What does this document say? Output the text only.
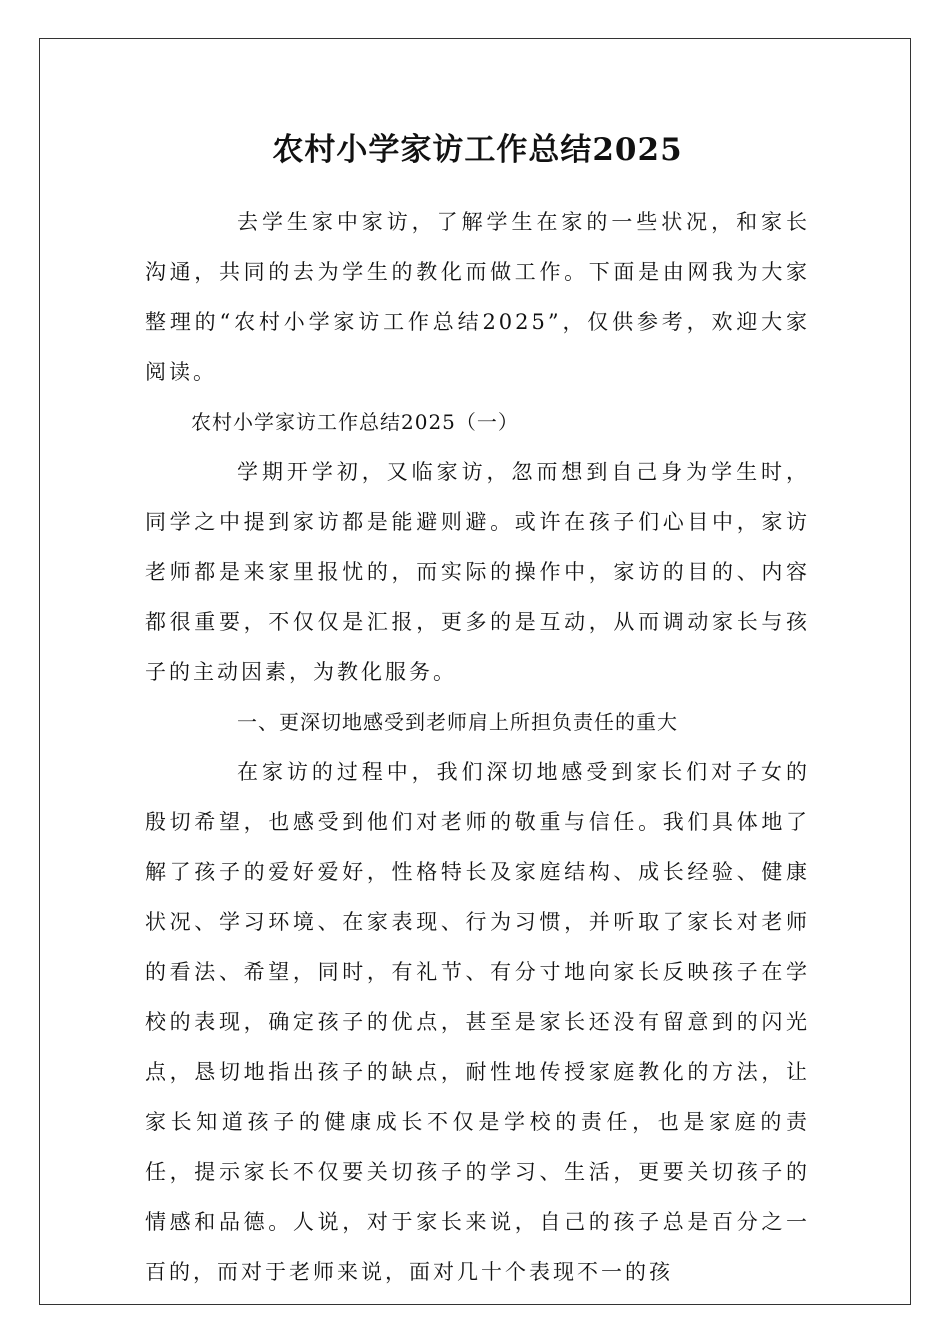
农村小学家访工作总结2025

去学生家中家访，了解学生在家的一些状况，和家长沟通，共同的去为学生的教化而做工作。下面是由网我为大家整理的“农村小学家访工作总结2025”，仅供参考，欢迎大家阅读。

农村小学家访工作总结2025（一）

学期开学初，又临家访，忽而想到自己身为学生时，同学之中提到家访都是能避则避。或许在孩子们心目中，家访老师都是来家里报忧的，而实际的操作中，家访的目的、内容都很重要，不仅仅是汇报，更多的是互动，从而调动家长与孩子的主动因素，为教化服务。

一、更深切地感受到老师肩上所担负责任的重大

在家访的过程中，我们深切地感受到家长们对子女的殷切希望，也感受到他们对老师的敬重与信任。我们具体地了解了孩子的爱好爱好，性格特长及家庭结构、成长经验、健康状况、学习环境、在家表现、行为习惯，并听取了家长对老师的看法、希望，同时，有礼节、有分寸地向家长反映孩子在学校的表现，确定孩子的优点，甚至是家长还没有留意到的闪光点，恳切地指出孩子的缺点，耐性地传授家庭教化的方法，让家长知道孩子的健康成长不仅是学校的责任，也是家庭的责任，提示家长不仅要关切孩子的学习、生活，更要关切孩子的情感和品德。人说，对于家长来说，自己的孩子总是百分之一百的，而对于老师来说，面对几十个表现不一的孩
